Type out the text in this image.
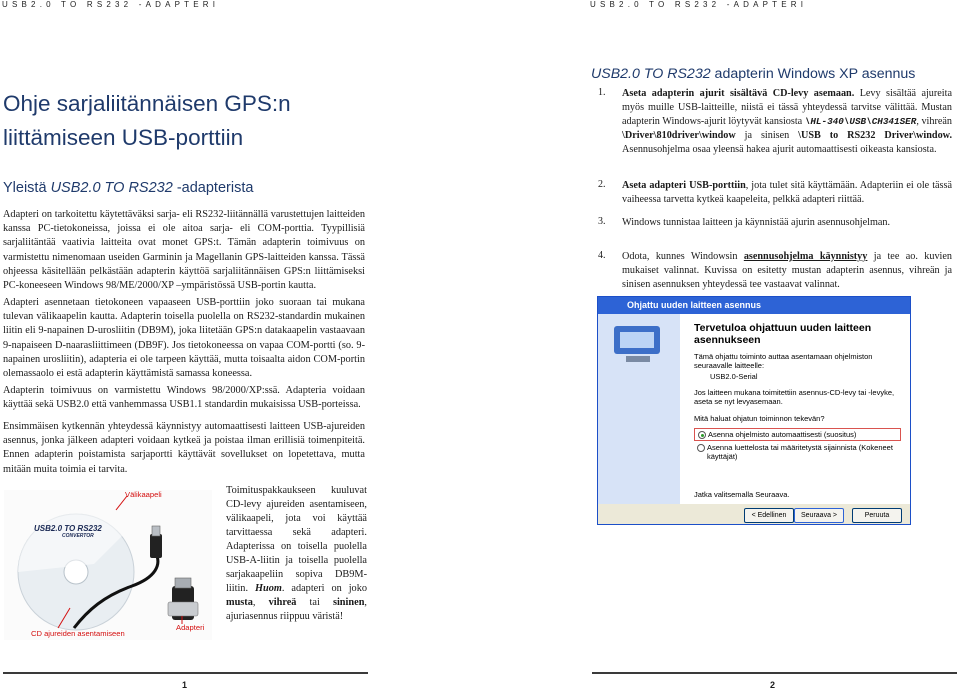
USB2.0 TO RS232 -ADAPTERI	USB2.0 TO RS232 -ADAPTERI
Ohje sarjaliitännäisen GPS:n
liittämiseen USB-porttiin
Yleistä USB2.0 TO RS232 -adapterista
Adapteri on tarkoitettu käytettäväksi sarja- eli RS232-liitännällä varustettujen laitteiden kanssa PC-tietokoneissa, joissa ei ole aitoa sarja- eli COM-porttia. Tyypillisiä sarjaliitäntää vaativia laitteita ovat monet GPS:t. Tämän adapterin toimivuus on varmistettu nimenomaan useiden Garminin ja Magellanin GPS-laitteiden kanssa. Tässä ohjeessa käsitellään pelkästään adapterin käyttöä sarjaliitännäisen GPS:n liittämiseksi PC-koneeseen Windows 98/ME/2000/XP –ympäristössä USB-portin kautta.
Adapteri asennetaan tietokoneen vapaaseen USB-porttiin joko suoraan tai mukana tulevan välikaapelin kautta. Adapterin toisella puolella on RS232-standardin mukainen liitin eli 9-napainen D-urosliitin (DB9M), joka liitetään GPS:n datakaapelin vastaavaan 9-napaiseen D-naarasliittimeen (DB9F). Jos tietokoneessa on vapaa COM-portti (so. 9-napainen urosliitin), adapteria ei ole tarpeen käyttää, mutta toisaalta aidon COM-portin olemassaolo ei estä adapterin käyttämistä samassa koneessa.
Adapterin toimivuus on varmistettu Windows 98/2000/XP:ssä. Adapteria voidaan käyttää sekä USB2.0 että vanhemmassa USB1.1 standardin mukaisissa USB-porteissa.
Ensimmäisen kytkennän yhteydessä käynnistyy automaattisesti laitteen USB-ajureiden asennus, jonka jälkeen adapteri voidaan kytkeä ja poistaa ilman erillisiä toimenpiteitä. Ennen adapterin poistamista sarjaportti käyttävät sovellukset on lopetettava, mutta mitään muita toimia ei tarvita.
Välikaapeli
CD ajureiden asentamiseen
Adapteri
USB2.0 TO RS232
CONVERTOR
Toimituspakkaukseen kuuluvat CD-levy ajureiden asentamiseen, välikaapeli, jota voi käyttää tarvittaessa sekä adapteri. Adapterissa on toisella puolella USB-A-liitin ja toisella puolella sarjakaapeliin sopiva DB9M-liitin. Huom. adapteri on joko musta, vihreä tai sininen, ajuriasennus riippuu väristä!
USB2.0 TO RS232 adapterin Windows XP asennus
1. Aseta adapterin ajurit sisältävä CD-levy asemaan. Levy sisältää ajureita myös muille USB-laitteille, niistä ei tässä yhteydessä tarvitse välittää. Mustan adapterin Windows-ajurit löytyvät kansiosta \HL-340\USB\CH341SER, vihreän \Driver\810driver\window ja sinisen \USB to RS232 Driver\window. Asennusohjelma osaa yleensä hakea ajurit automaattisesti oikeasta kansiosta.
2. Aseta adapteri USB-porttiin, jota tulet sitä käyttämään. Adapteriin ei ole tässä vaiheessa tarvetta kytkeä kaapeleita, pelkkä adapteri riittää.
3. Windows tunnistaa laitteen ja käynnistää ajurin asennusohjelman.
4. Odota, kunnes Windowsin asennusohjelma käynnistyy ja tee ao. kuvien mukaiset valinnat. Kuvissa on esitetty mustan adapterin asennus, vihreän ja sinisen asennuksen yhteydessä tee vastaavat valinnat.
Ohjattu uuden laitteen asennus
Tervetuloa ohjattuun uuden laitteen asennukseen
Tämä ohjattu toiminto auttaa asentamaan ohjelmiston seuraavalle laitteelle:
USB2.0-Serial
Jos laitteen mukana toimitettiin asennus-CD-levy tai -levyke, aseta se nyt levyasemaan.
Mitä haluat ohjatun toiminnon tekevän?
Asenna ohjelmisto automaattisesti (suositus)
Asenna luettelosta tai määritetystä sijainnista (Kokeneet käyttäjät)
Jatka valitsemalla Seuraava.
< Edellinen	Seuraava >	Peruuta
1	2
